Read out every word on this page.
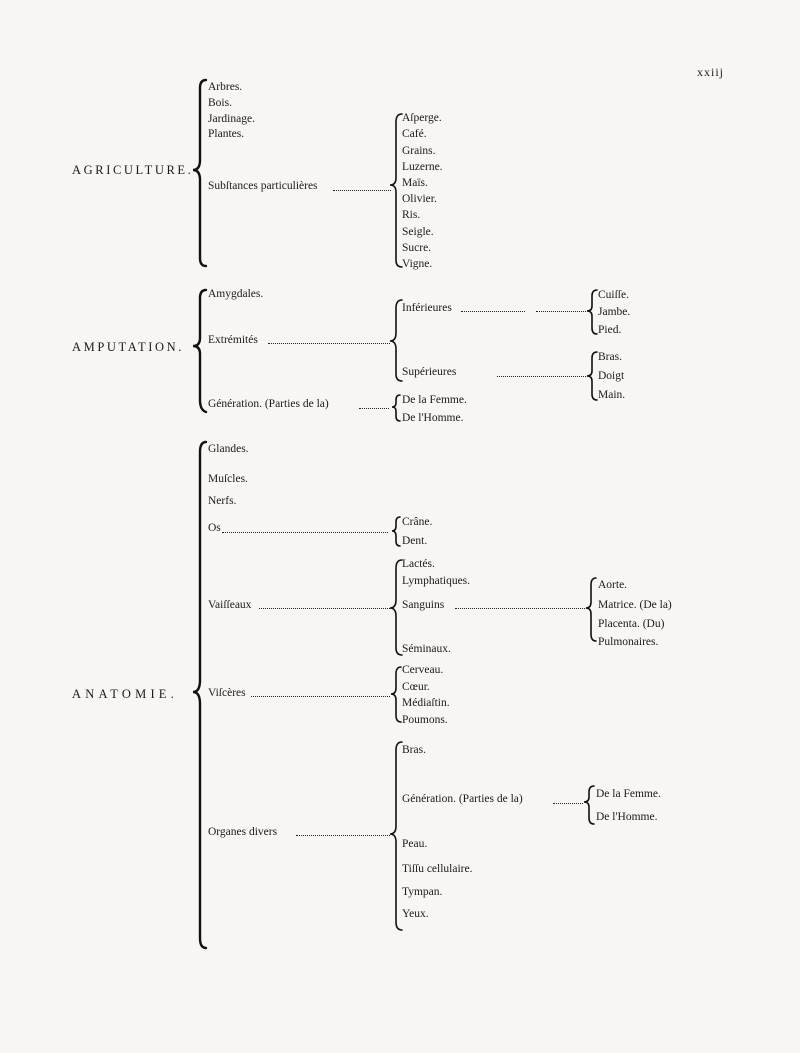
xxiij
AGRICULTURE.
Arbres.
Bois.
Jardinage.
Plantes.
Subſtances particulières
Aſperge.
Café.
Grains.
Luzerne.
Maïs.
Olivier.
Ris.
Seigle.
Sucre.
Vigne.
AMPUTATION.
Amygdales.
Extrémités
Inférieures
Cuiſſe.
Jambe.
Pied.
Supérieures
Bras.
Doigt
Main.
Génération. (Parties de la)	De la Femme.
De l'Homme.
ANATOMIE.
Glandes.
Muſcles.
Nerfs.
Os	Crâne.
Dent.
Vaiſſeaux
Lactés.
Lymphatiques.
Sanguins
Aorte.
Matrice. (De la)
Placenta. (Du)
Pulmonaires.
Séminaux.
Viſcères
Cerveau.
Cœur.
Médiaſtin.
Poumons.
Organes divers
Bras.
Génération. (Parties de la)	De la Femme.
De l'Homme.
Peau.
Tiſſu cellulaire.
Tympan.
Yeux.
